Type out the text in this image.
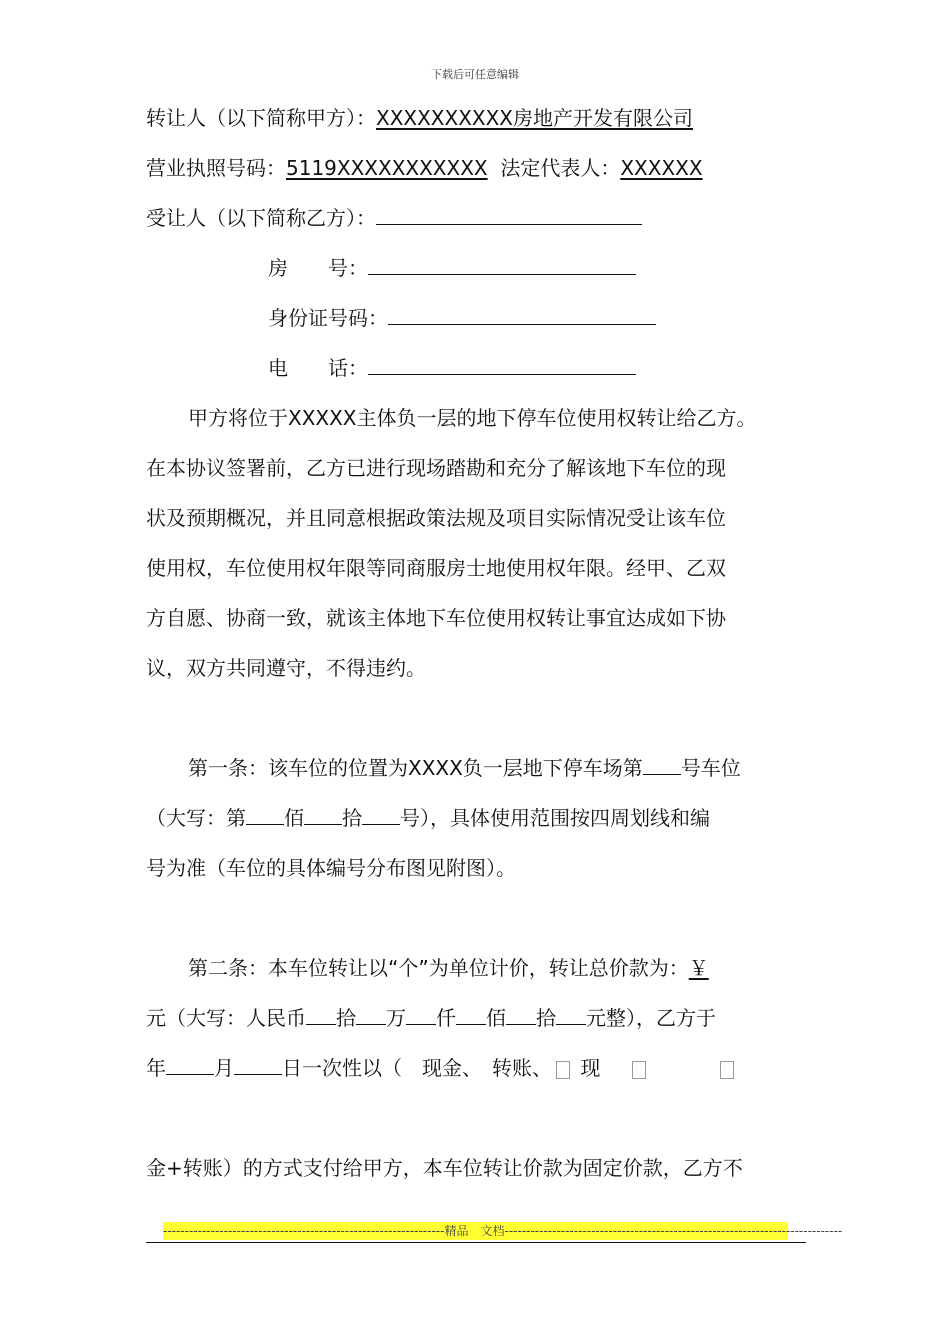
下载后可任意编辑
转让人（以下简称甲方）：XXXXXXXXXX房地产开发有限公司
营业执照号码：5119XXXXXXXXXXX 法定代表人：XXXXXX
受让人（以下简称乙方）：
房　　号：
身份证号码：
电　　话：
甲方将位于XXXXX主体负一层的地下停车位使用权转让给乙方。
在本协议签署前，乙方已进行现场踏勘和充分了解该地下车位的现
状及预期概况，并且同意根据政策法规及项目实际情况受让该车位
使用权，车位使用权年限等同商服房士地使用权年限。经甲、乙双
方自愿、协商一致，就该主体地下车位使用权转让事宜达成如下协
议，双方共同遵守，不得违约。
第一条：该车位的位置为XXXX负一层地下停车场第 号车位
（大写：第 佰 拾 号），具体使用范围按四周划线和编
号为准（车位的具体编号分布图见附图）。
第二条：本车位转让以“个”为单位计价，转让总价款为：￥
元（大写：人民币 拾 万 仟 佰 拾 元整），乙方于
年 月 日一次性以（　现金、　转账、 现
金+转账）的方式支付给甲方，本车位转让价款为固定价款，乙方不
-----------------------------------------------------------------精品　文档------------------------------------------------------------------------------
